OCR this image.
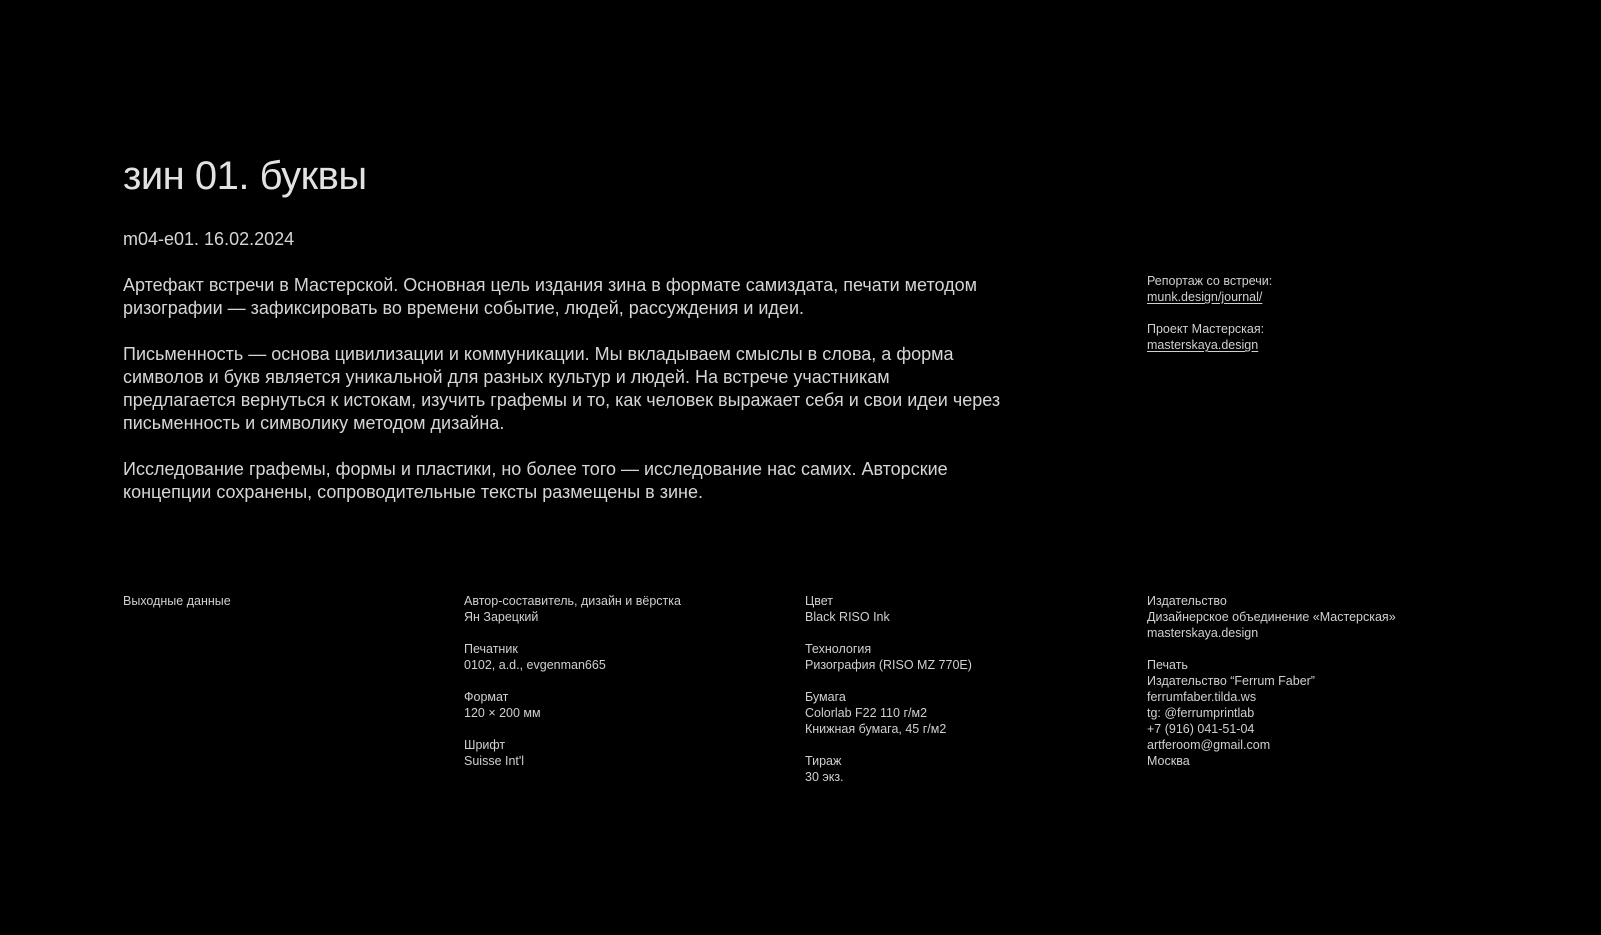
зин 01. буквы
m04-e01. 16.02.2024

Артефакт встречи в Мастерской. Основная цель издания зина в формате самиздата, печати методом ризографии — зафиксировать во времени событие, людей, рассуждения и идеи.

Письменность — основа цивилизации и коммуникации. Мы вкладываем смыслы в слова, а форма символов и букв является уникальной для разных культур и людей. На встрече участникам предлагается вернуться к истокам, изучить графемы и то, как человек выражает себя и свои идеи через письменность и символику методом дизайна.

Исследование графемы, формы и пластики, но более того — исследование нас самих. Авторские концепции сохранены, сопроводительные тексты размещены в зине.

Репортаж со встречи:
munk.design/journal/
Проект Мастерская:
masterskaya.design
Выходные данные	Автор-составитель, дизайн и вёрстка
Ян Зарецкий
Печатник
0102, a.d., evgenman665
Формат
120 × 200 мм
Шрифт
Suisse Int'l
Цвет
Black RISO Ink
Технология
Ризография (RISO MZ 770E)
Бумага
Colorlab F22 110 г/м2
Книжная бумага, 45 г/м2
Тираж
30 экз.
Издательство
Дизайнерское объединение «Мастерская»
masterskaya.design
Печать
Издательство “Ferrum Faber”
ferrumfaber.tilda.ws
tg: @ferrumprintlab
+7 (916) 041-51-04
artferoom@gmail.com
Москва
